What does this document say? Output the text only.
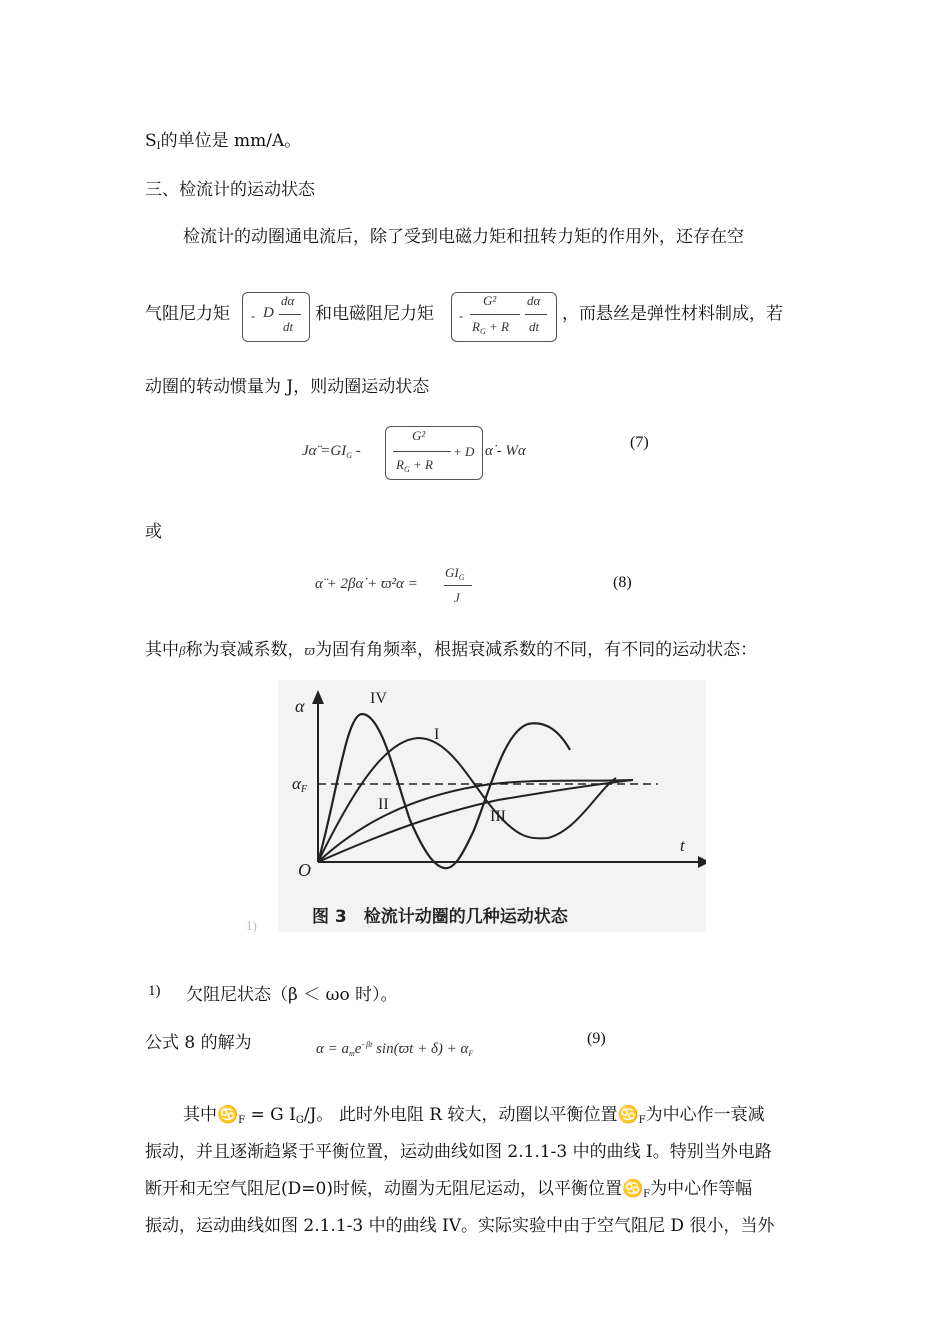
$S_I$的单位是 mm/A。
三、检流计的运动状态
检流计的动圈通电流后，除了受到电磁力矩和扭转力矩的作用外，还存在空
气阻尼力矩 - D
dα
dt
和电磁阻尼力矩 -
G²
$R_G + R$
dα
dt
，而悬丝是弹性材料制成，若
动圈的转动惯量为 J，则动圈运动状态
Jα̈ $=GI_G$ -
G²
$R_G + R$
+ D α̇ - Wα	(7)
或
α̈ + 2βα̇ + ϖ²α =
$GI_G$
J
(8)
其中β称为衰减系数，ϖ为固有角频率，根据衰减系数的不同，有不同的运动状态：
α
$\alpha_F$
O
t
IV
I
II
III
图 3　检流计动圈的几种运动状态
1)
1) 欠阻尼状态（β ＜ ωo 时）。
公式 8 的解为	$\alpha = a_me^{- \beta t}$ $\sin(ϖt + \delta) + \alpha_F$
(9)
其中$♋_F = G$ $I_G/J$。 此时外电阻 R 较大，动圈以平衡位置$♋_F$为中心作一衰减
振动，并且逐渐趋紧于平衡位置，运动曲线如图 2.1.1-3 中的曲线 I。特别当外电路
断开和无空气阻尼(D=0)时候，动圈为无阻尼运动，以平衡位置$♋_F$为中心作等幅
振动，运动曲线如图 2.1.1-3 中的曲线 IV。实际实验中由于空气阻尼 D 很小，当外
